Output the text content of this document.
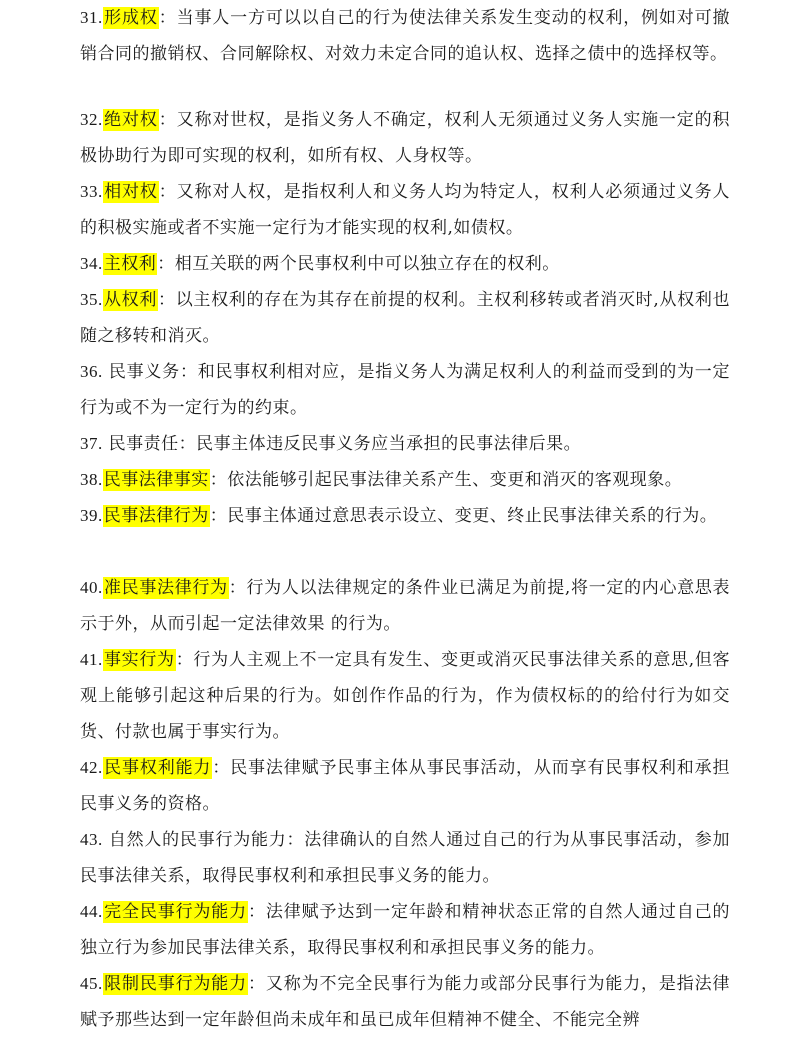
31.形成权：当事人一方可以以自己的行为使法律关系发生变动的权利，例如对可撤销合同的撤销权、合同解除权、对效力未定合同的追认权、选择之债中的选择权等。
32.绝对权：又称对世权，是指义务人不确定，权利人无须通过义务人实施一定的积极协助行为即可实现的权利，如所有权、人身权等。
33.相对权：又称对人权，是指权利人和义务人均为特定人，权利人必须通过义务人的积极实施或者不实施一定行为才能实现的权利,如债权。
34.主权利：相互关联的两个民事权利中可以独立存在的权利。
35.从权利：以主权利的存在为其存在前提的权利。主权利移转或者消灭时,从权利也随之移转和消灭。
36. 民事义务：和民事权利相对应，是指义务人为满足权利人的利益而受到的为一定行为或不为一定行为的约束。
37. 民事责任：民事主体违反民事义务应当承担的民事法律后果。
38.民事法律事实：依法能够引起民事法律关系产生、变更和消灭的客观现象。
39.民事法律行为：民事主体通过意思表示设立、变更、终止民事法律关系的行为。
40.准民事法律行为：行为人以法律规定的条件业已满足为前提,将一定的内心意思表示于外，从而引起一定法律效果 的行为。
41.事实行为：行为人主观上不一定具有发生、变更或消灭民事法律关系的意思,但客观上能够引起这种后果的行为。如创作作品的行为，作为债权标的的给付行为如交货、付款也属于事实行为。
42.民事权利能力：民事法律赋予民事主体从事民事活动，从而享有民事权利和承担民事义务的资格。
43. 自然人的民事行为能力：法律确认的自然人通过自己的行为从事民事活动，参加民事法律关系，取得民事权利和承担民事义务的能力。
44.完全民事行为能力：法律赋予达到一定年龄和精神状态正常的自然人通过自己的独立行为参加民事法律关系，取得民事权利和承担民事义务的能力。
45.限制民事行为能力：又称为不完全民事行为能力或部分民事行为能力，是指法律赋予那些达到一定年龄但尚未成年和虽已成年但精神不健全、不能完全辨
